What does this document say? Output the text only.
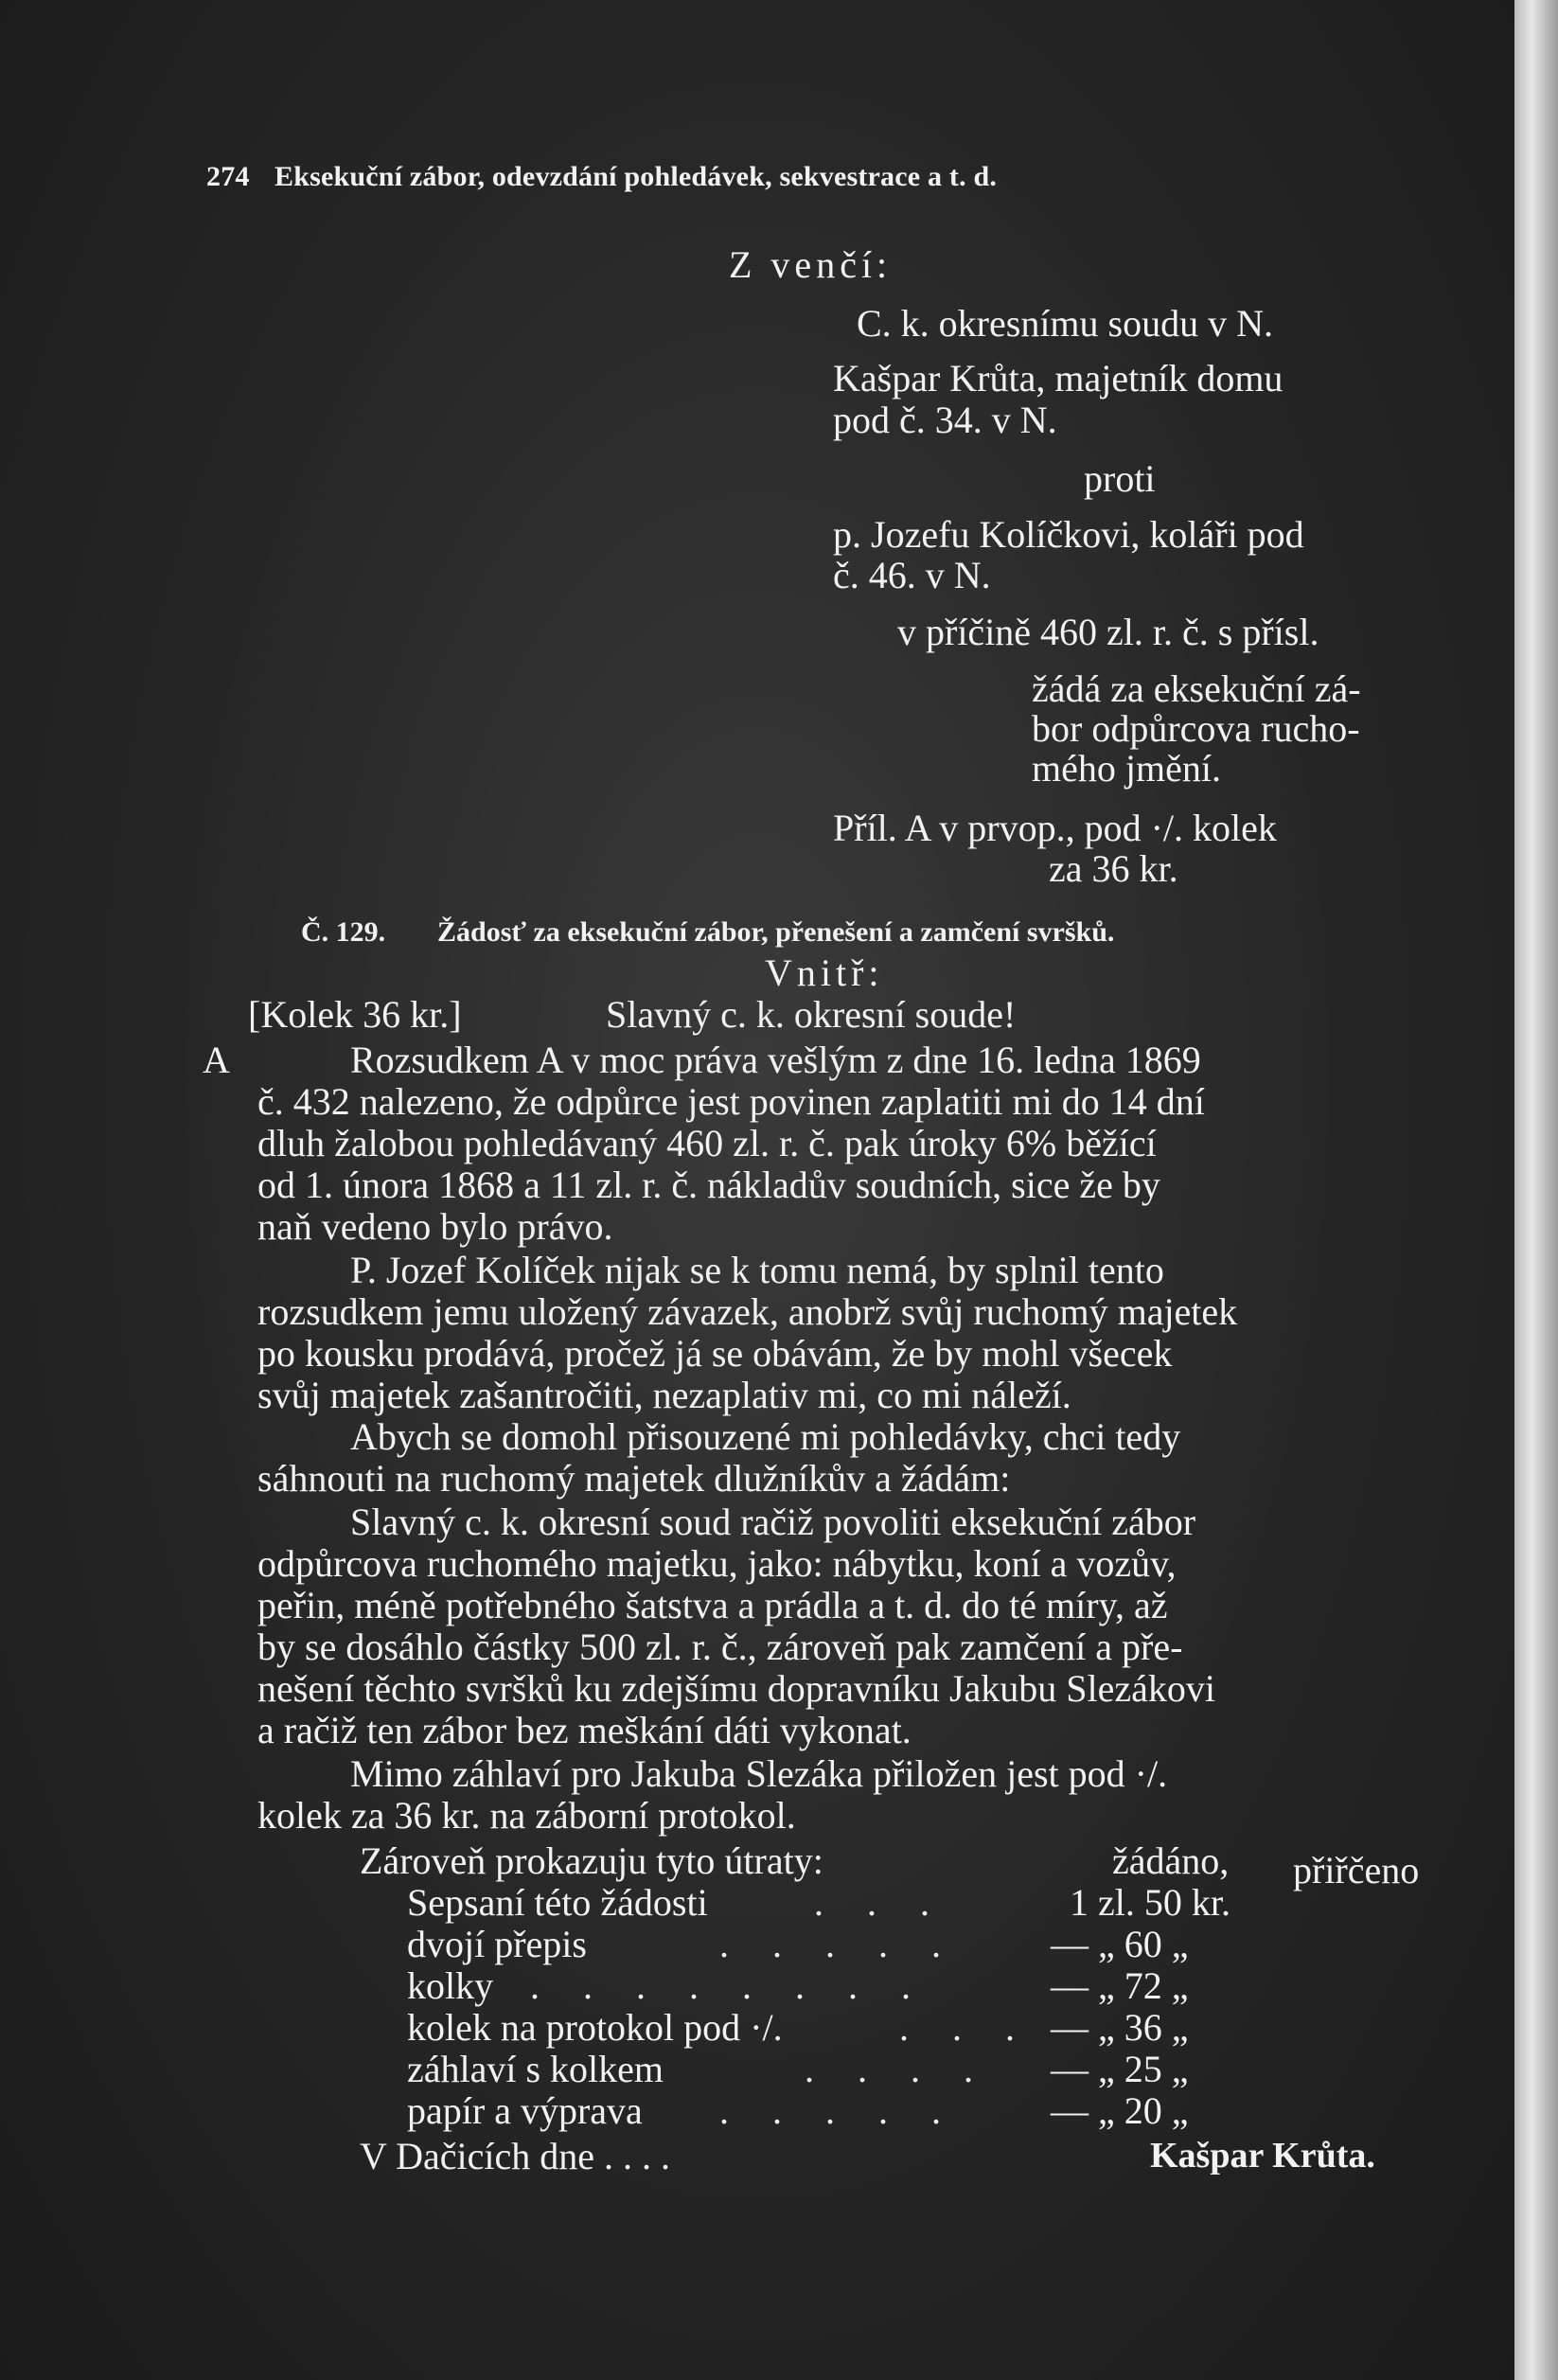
274 Eksekuční zábor, odevzdání pohledávek, sekvestrace a t. d.
Z venčí:
C. k. okresnímu soudu v N.
Kašpar Krůta, majetník domu
pod č. 34. v N.
proti
p. Jozefu Kolíčkovi, koláři pod
č. 46. v N.
v příčině 460 zl. r. č. s přísl.
žádá za eksekuční zá-
bor odpůrcova rucho-
mého jmění.
Příl. A v prvop., pod ·/. kolek
za 36 kr.
Č. 129. Žádosť za eksekuční zábor, přenešení a zamčení svršků.
Vnitř:
[Kolek 36 kr.]	Slavný c. k. okresní soude!
A	Rozsudkem A v moc práva vešlým z dne 16. ledna 1869
č. 432 nalezeno, že odpůrce jest povinen zaplatiti mi do 14 dní
dluh žalobou pohledávaný 460 zl. r. č. pak úroky 6% běžící
od 1. února 1868 a 11 zl. r. č. nákladův soudních, sice že by
naň vedeno bylo právo.
P. Jozef Kolíček nijak se k tomu nemá, by splnil tento
rozsudkem jemu uložený závazek, anobrž svůj ruchomý majetek
po kousku prodává, pročež já se obávám, že by mohl všecek
svůj majetek zašantročiti, nezaplativ mi, co mi náleží.
Abych se domohl přisouzené mi pohledávky, chci tedy
sáhnouti na ruchomý majetek dlužníkův a žádám:
Slavný c. k. okresní soud račiž povoliti eksekuční zábor
odpůrcova ruchomého majetku, jako: nábytku, koní a vozův,
peřin, méně potřebného šatstva a prádla a t. d. do té míry, až
by se dosáhlo částky 500 zl. r. č., zároveň pak zamčení a pře-
nešení těchto svršků ku zdejšímu dopravníku Jakubu Slezákovi
a račiž ten zábor bez meškání dáti vykonat.
Mimo záhlaví pro Jakuba Slezáka přiložen jest pod ·/.
kolek za 36 kr. na záborní protokol.
Zároveň prokazuju tyto útraty:	žádáno, přiřčeno
Sepsaní této žádosti	. . .	1 zl. 50 kr.
dvojí přepis	. . . . . — „ 60 „
kolky . . . . . . . .	— „ 72 „
kolek na protokol pod ·/.	. . . — „ 36 „
záhlaví s kolkem	. . . . — „ 25 „
papír a výprava . . . . . — „ 20 „
V Dačicích dne . . . .	Kašpar Krůta.
